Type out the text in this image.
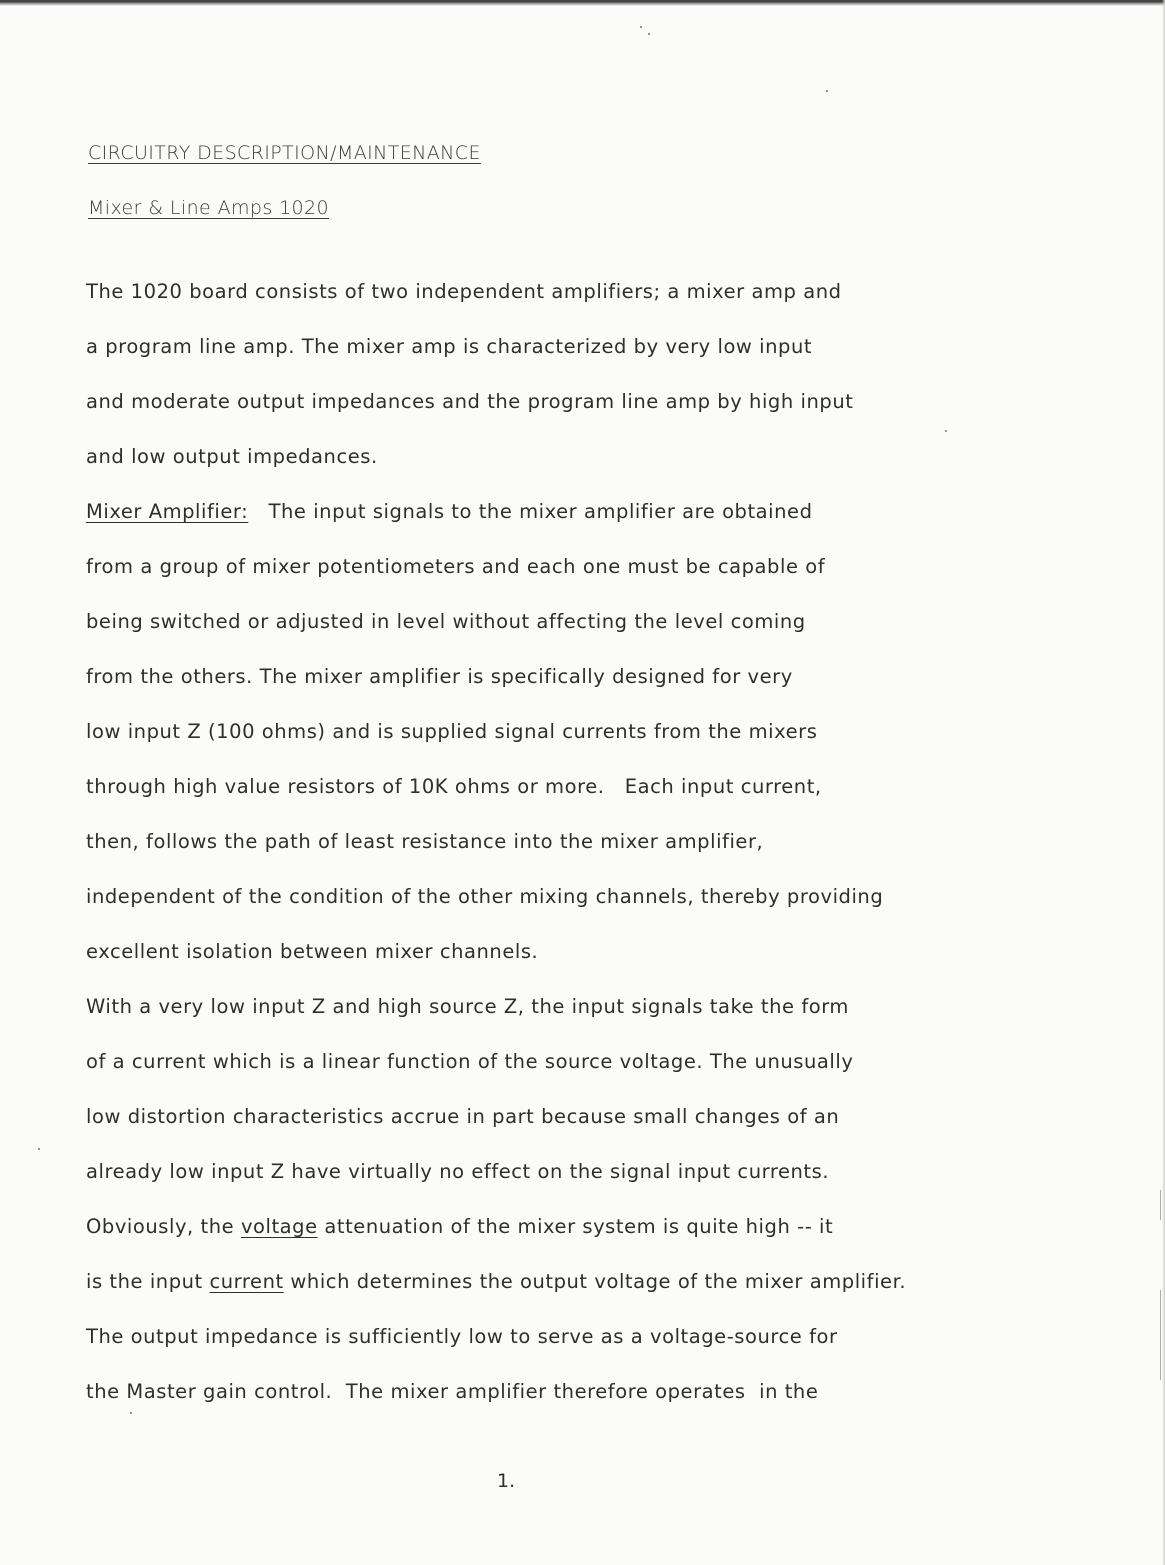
CIRCUITRY DESCRIPTION/MAINTENANCE
Mixer & Line Amps 1020
The 1020 board consists of two independent amplifiers; a mixer amp and
a program line amp. The mixer amp is characterized by very low input
and moderate output impedances and the program line amp by high input
and low output impedances.
Mixer Amplifier:   The input signals to the mixer amplifier are obtained
from a group of mixer potentiometers and each one must be capable of
being switched or adjusted in level without affecting the level coming
from the others. The mixer amplifier is specifically designed for very
low input Z (100 ohms) and is supplied signal currents from the mixers
through high value resistors of 10K ohms or more.   Each input current,
then, follows the path of least resistance into the mixer amplifier,
independent of the condition of the other mixing channels, thereby providing
excellent isolation between mixer channels.
With a very low input Z and high source Z, the input signals take the form
of a current which is a linear function of the source voltage. The unusually
low distortion characteristics accrue in part because small changes of an
already low input Z have virtually no effect on the signal input currents.
Obviously, the voltage attenuation of the mixer system is quite high -- it
is the input current which determines the output voltage of the mixer amplifier.
The output impedance is sufficiently low to serve as a voltage-source for
the Master gain control.  The mixer amplifier therefore operates  in the
1.
